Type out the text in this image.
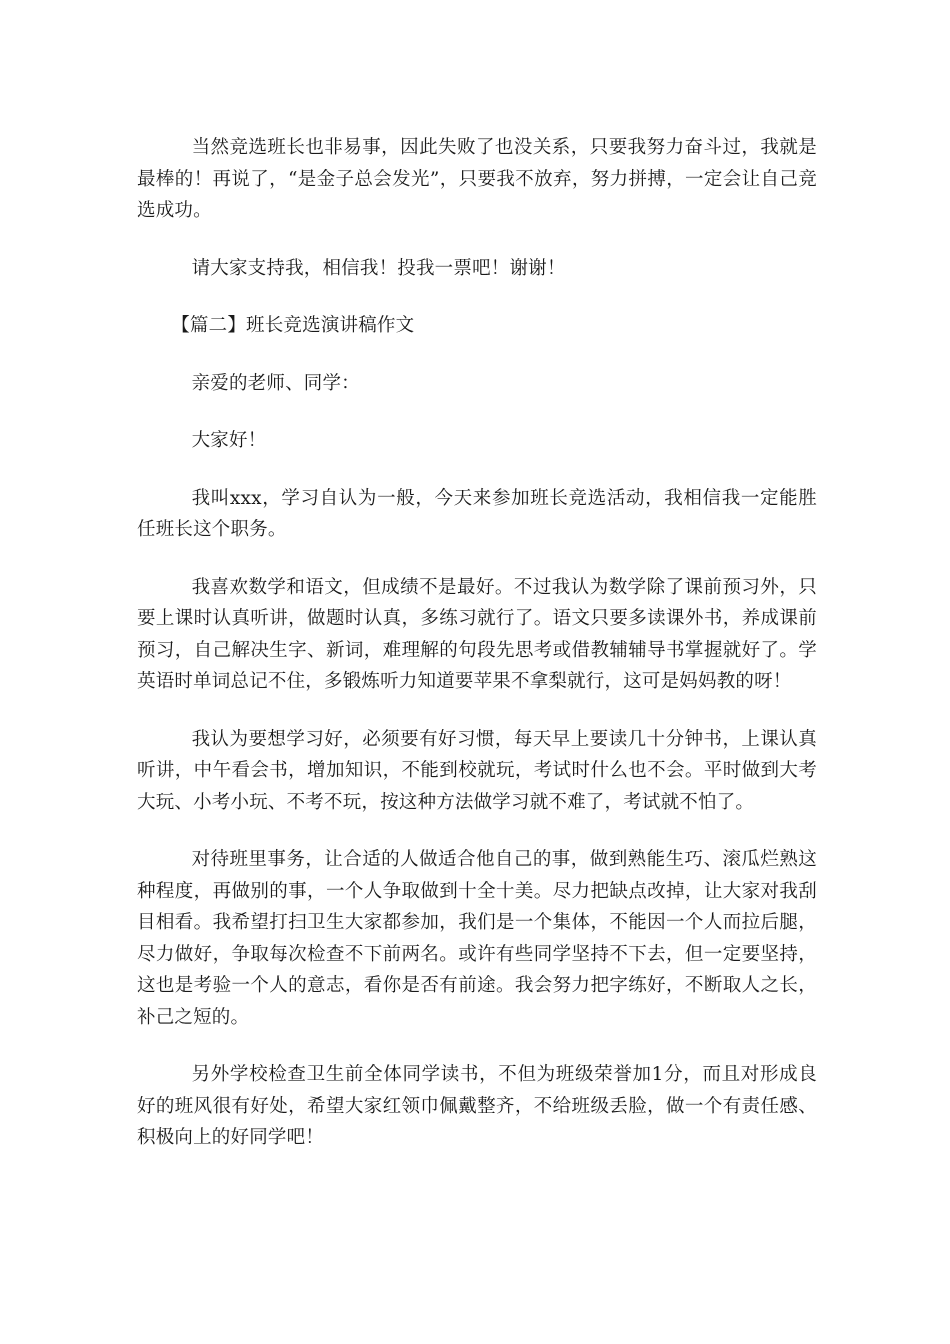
当然竞选班长也非易事，因此失败了也没关系，只要我努力奋斗过，我就是最棒的！再说了，“是金子总会发光”，只要我不放弃，努力拼搏，一定会让自己竞选成功。

请大家支持我，相信我！投我一票吧！谢谢！

【篇二】班长竞选演讲稿作文

亲爱的老师、同学：

大家好！

我叫xxx，学习自认为一般，今天来参加班长竞选活动，我相信我一定能胜任班长这个职务。

我喜欢数学和语文，但成绩不是最好。不过我认为数学除了课前预习外，只要上课时认真听讲，做题时认真，多练习就行了。语文只要多读课外书，养成课前预习，自己解决生字、新词，难理解的句段先思考或借教辅辅导书掌握就好了。学英语时单词总记不住，多锻炼听力知道要苹果不拿梨就行，这可是妈妈教的呀！

我认为要想学习好，必须要有好习惯，每天早上要读几十分钟书，上课认真听讲，中午看会书，增加知识，不能到校就玩，考试时什么也不会。平时做到大考大玩、小考小玩、不考不玩，按这种方法做学习就不难了，考试就不怕了。

对待班里事务，让合适的人做适合他自己的事，做到熟能生巧、滚瓜烂熟这种程度，再做别的事，一个人争取做到十全十美。尽力把缺点改掉，让大家对我刮目相看。我希望打扫卫生大家都参加，我们是一个集体，不能因一个人而拉后腿，尽力做好，争取每次检查不下前两名。或许有些同学坚持不下去，但一定要坚持，这也是考验一个人的意志，看你是否有前途。我会努力把字练好，不断取人之长，补己之短的。

另外学校检查卫生前全体同学读书，不但为班级荣誉加1分，而且对形成良好的班风很有好处，希望大家红领巾佩戴整齐，不给班级丢脸，做一个有责任感、积极向上的好同学吧！
